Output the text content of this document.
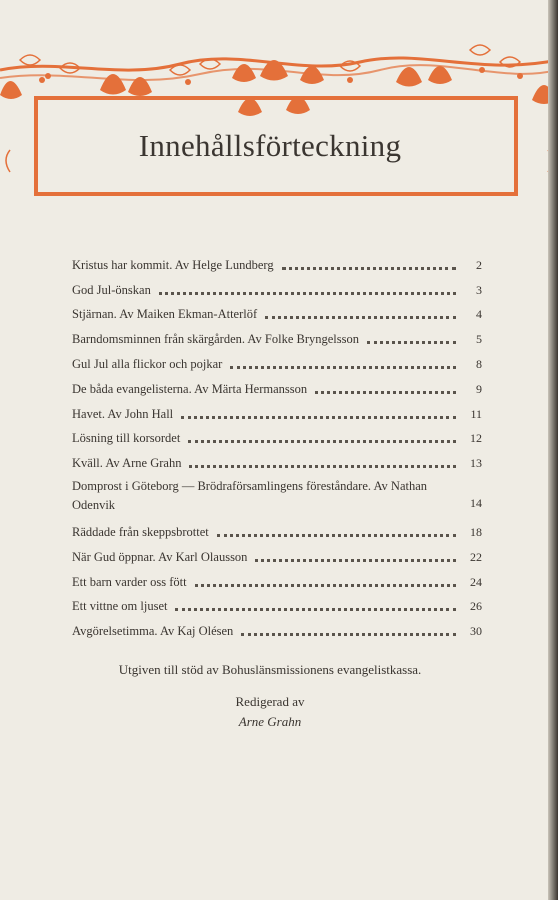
Innehållsförteckning
Kristus har kommit. Av Helge Lundberg	2
God Jul-önskan	3
Stjärnan. Av Maiken Ekman-Atterlöf	4
Barndomsminnen från skärgården. Av Folke Bryngelsson	5
Gul Jul alla flickor och pojkar	8
De båda evangelisterna. Av Märta Hermansson	9
Havet. Av John Hall	11
Lösning till korsordet	12
Kväll. Av Arne Grahn	13
Domprost i Göteborg — Brödraförsamlingens föreståndare. Av Nathan Odenvik	14
Räddade från skeppsbrottet	18
När Gud öppnar. Av Karl Olausson	22
Ett barn varder oss fött	24
Ett vittne om ljuset	26
Avgörelsetimma. Av Kaj Olésen	30
Utgiven till stöd av Bohuslänsmissionens evangelistkassa.
Redigerad av
Arne Grahn
